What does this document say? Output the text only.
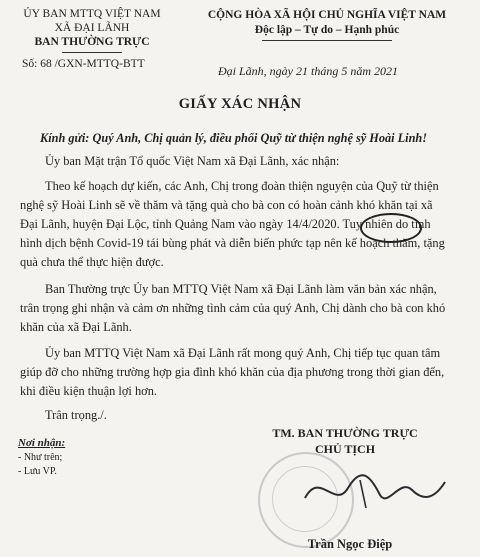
ỦY BAN MTTQ VIỆT NAM
XÃ ĐẠI LÃNH
BAN THƯỜNG TRỰC
Số: 68 /GXN-MTTQ-BTT
CỘNG HÒA XÃ HỘI CHỦ NGHĨA VIỆT NAM
Độc lập – Tự do – Hạnh phúc
Đại Lãnh, ngày 21 tháng 5 năm 2021
GIẤY XÁC NHẬN
Kính gửi: Quý Anh, Chị quản lý, điều phối Quỹ từ thiện nghệ sỹ Hoài Linh!
Ủy ban Mặt trận Tổ quốc Việt Nam xã Đại Lãnh, xác nhận:
Theo kế hoạch dự kiến, các Anh, Chị trong đoàn thiện nguyện của Quỹ từ thiện
nghệ sỹ Hoài Linh sẽ về thăm và tặng quà cho bà con có hoàn cảnh khó khăn tại xã
Đại Lãnh, huyện Đại Lộc, tỉnh Quảng Nam vào ngày 14/4/2020. Tuy nhiên do tình
hình dịch bệnh Covid-19 tái bùng phát và diễn biến phức tạp nên kế hoạch thăm, tặng
quà chưa thể thực hiện được.
Ban Thường trực Ủy ban MTTQ Việt Nam xã Đại Lãnh làm văn bản xác nhận,
trân trọng ghi nhận và cảm ơn những tình cảm của quý Anh, Chị dành cho bà con khó
khăn của xã Đại Lãnh.
Ủy ban MTTQ Việt Nam xã Đại Lãnh rất mong quý Anh, Chị tiếp tục quan tâm
giúp đỡ cho những trường hợp gia đình khó khăn của địa phương trong thời gian đến,
khi điều kiện thuận lợi hơn.
Trân trọng./.
Nơi nhận:
- Như trên;
- Lưu VP.
TM. BAN THƯỜNG TRỰC
CHỦ TỊCH
Trần Ngọc Điệp
